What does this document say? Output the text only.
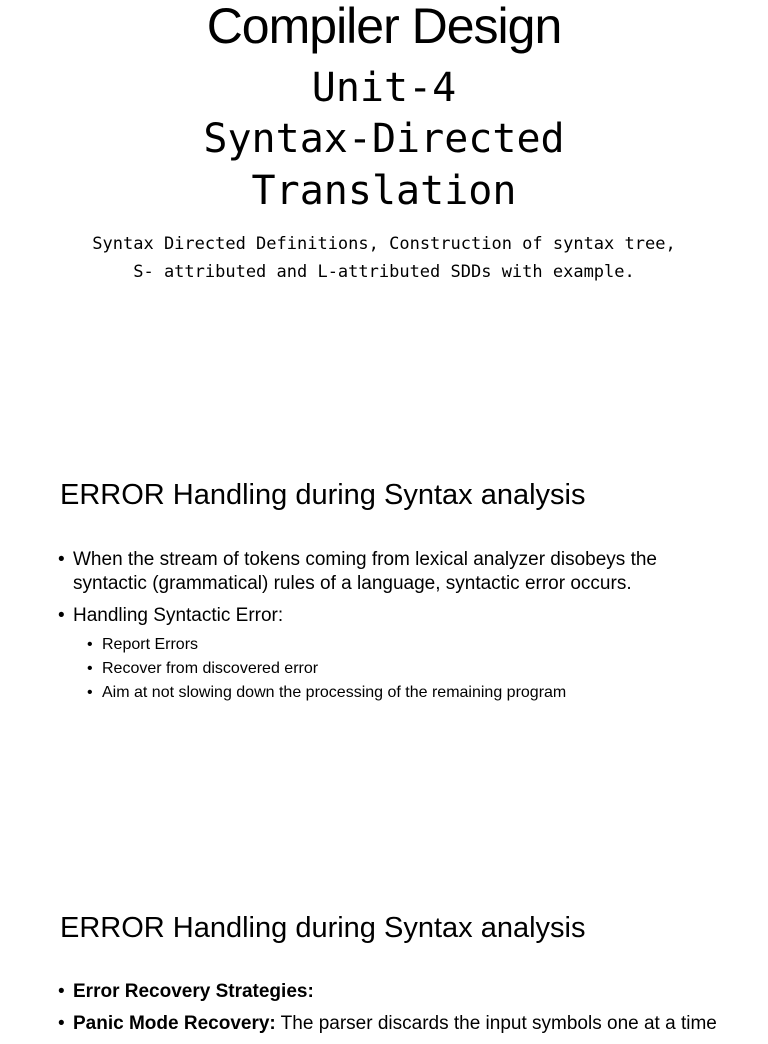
Compiler Design
Unit-4
Syntax-Directed
Translation
Syntax Directed Definitions, Construction of syntax tree, S- attributed and L-attributed SDDs with example.
ERROR Handling during Syntax analysis
• When the stream of tokens coming from lexical analyzer disobeys the syntactic (grammatical) rules of a language, syntactic error occurs.
• Handling Syntactic Error:
• Report Errors
• Recover from discovered error
• Aim at not slowing down the processing of the remaining program
ERROR Handling during Syntax analysis
• Error Recovery Strategies:
• Panic Mode Recovery: The parser discards the input symbols one at a time
